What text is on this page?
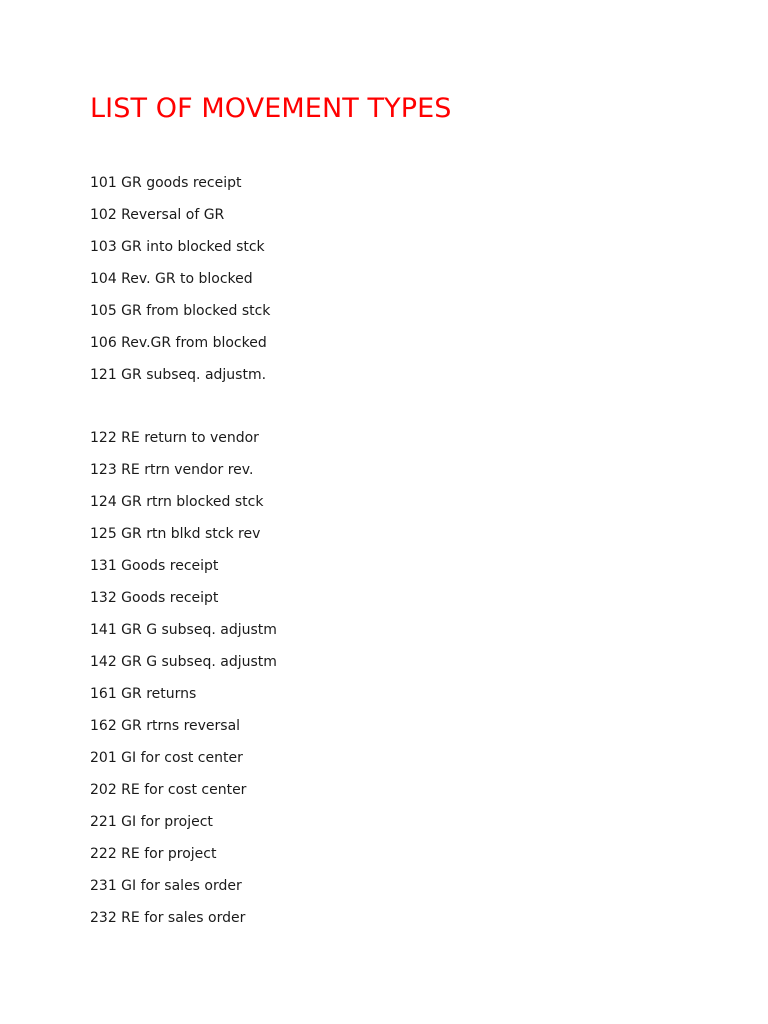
LIST OF MOVEMENT TYPES
101 GR goods receipt
102 Reversal of GR
103 GR into blocked stck
104 Rev. GR to blocked
105 GR from blocked stck
106 Rev.GR from blocked
121 GR subseq. adjustm.
122 RE return to vendor
123 RE rtrn vendor rev.
124 GR rtrn blocked stck
125 GR rtn blkd stck rev
131 Goods receipt
132 Goods receipt
141 GR G subseq. adjustm
142 GR G subseq. adjustm
161 GR returns
162 GR rtrns reversal
201 GI for cost center
202 RE for cost center
221 GI for project
222 RE for project
231 GI for sales order
232 RE for sales order
